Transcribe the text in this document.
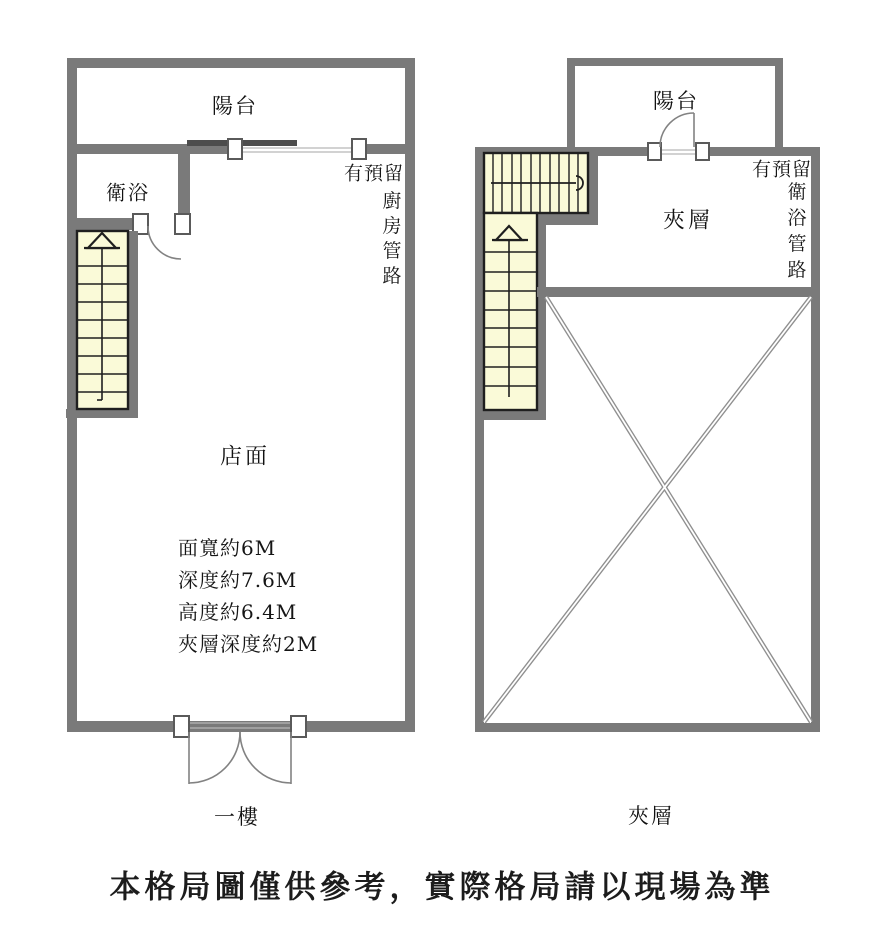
陽台
衛浴
店面
有預留
廚
房
管
路
面寬約6M
深度約7.6M
高度約6.4M
夾層深度約2M
一樓
陽台
夾層
有預留
衛
浴
管
路
夾層
本格局圖僅供參考，實際格局請以現場為準
